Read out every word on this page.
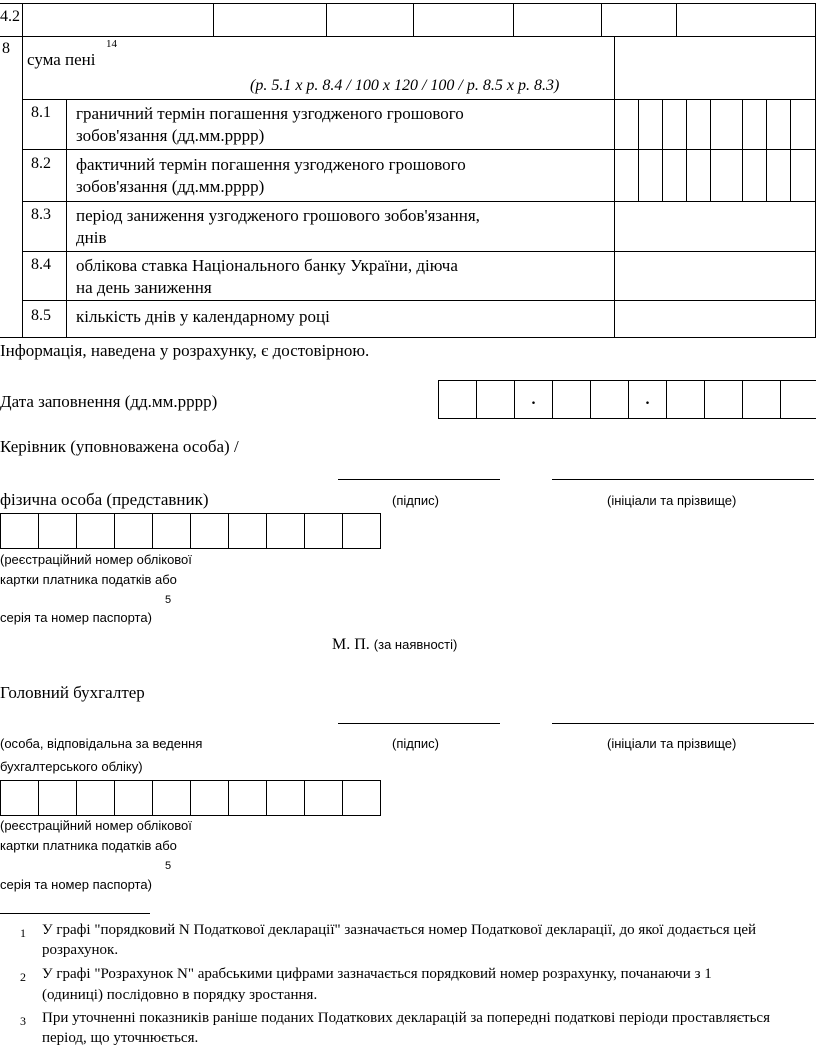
4.2
8
сума пені
14
(р. 5.1 х р. 8.4 / 100 х 120 / 100 / р. 8.5 х р. 8.3)
8.1 граничний термін погашення узгодженого грошового
зобов'язання (дд.мм.рррр)
8.2 фактичний термін погашення узгодженого грошового
зобов'язання (дд.мм.рррр)
8.3 період заниження узгодженого грошового зобов'язання,
днів
8.4 облікова ставка Національного банку України, діюча
на день заниження
8.5 кількість днів у календарному році
Інформація, наведена у розрахунку, є достовірною.
Дата заповнення (дд.мм.рррр)	.	.
Керівник (уповноважена особа) /
фізична особа (представник)	(підпис)	(ініціали та прізвище)
(реєстраційний номер облікової
картки платника податків або
5
серія та номер паспорта)
М. П. (за наявності)
Головний бухгалтер
(особа, відповідальна за ведення	(підпис)	(ініціали та прізвище)
бухгалтерського обліку)
(реєстраційний номер облікової
картки платника податків або
5
серія та номер паспорта)
1 У графі "порядковий N Податкової декларації" зазначається номер Податкової декларації, до якої додається цей
розрахунок.
2 У графі "Розрахунок N" арабськими цифрами зазначається порядковий номер розрахунку, почанаючи з 1
(одиниці) послідовно в порядку зростання.
3 При уточненні показників раніше поданих Податкових декларацій за попередні податкові періоди проставляється
період, що уточнюється.
